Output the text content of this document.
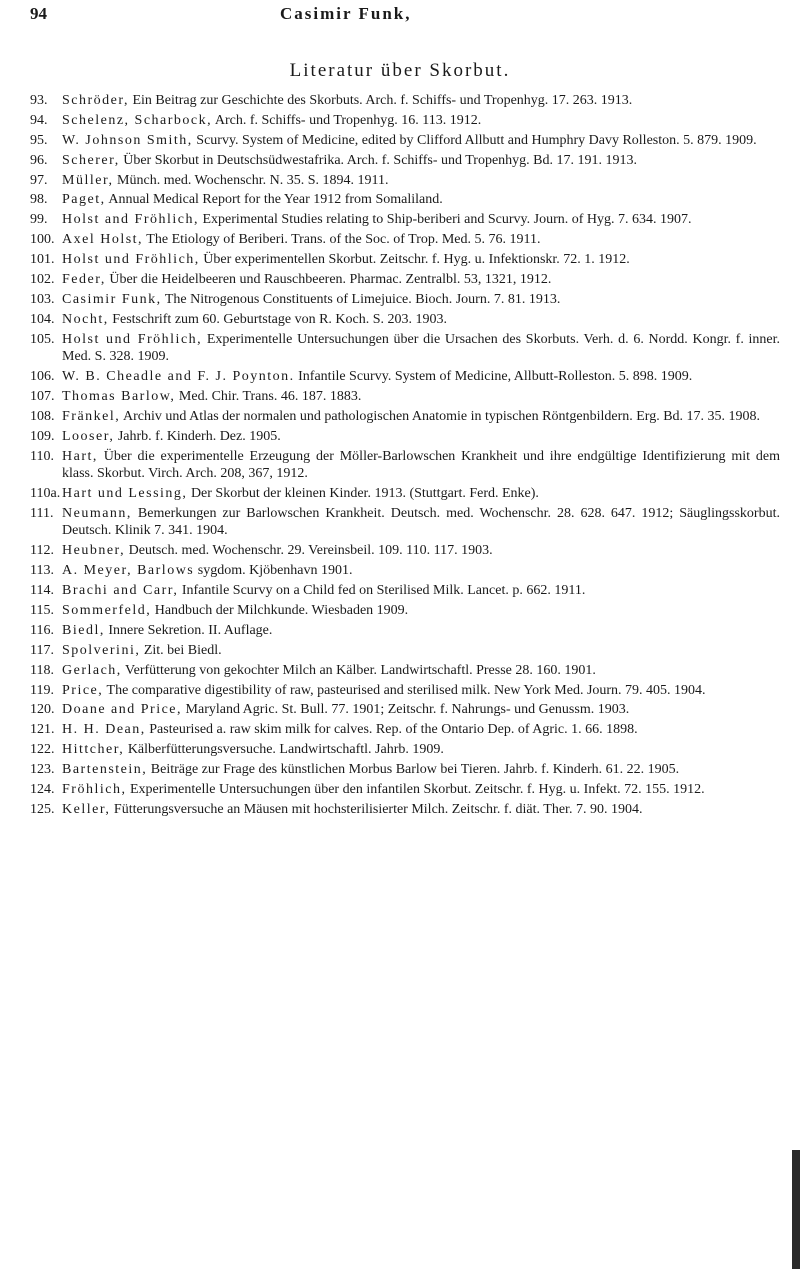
94	Casimir Funk,
Literatur über Skorbut.
93.	Schröder, Ein Beitrag zur Geschichte des Skorbuts. Arch. f. Schiffs- und Tropenhyg. 17. 263. 1913.
94.	Schelenz, Scharbock, Arch. f. Schiffs- und Tropenhyg. 16. 113. 1912.
95.	W. Johnson Smith, Scurvy. System of Medicine, edited by Clifford Allbutt and Humphry Davy Rolleston. 5. 879. 1909.
96.	Scherer, Über Skorbut in Deutschsüdwestafrika. Arch. f. Schiffs- und Tropenhyg. Bd. 17. 191. 1913.
97.	Müller, Münch. med. Wochenschr. N. 35. S. 1894. 1911.
98.	Paget, Annual Medical Report for the Year 1912 from Somaliland.
99.	Holst and Fröhlich, Experimental Studies relating to Ship-beriberi and Scurvy. Journ. of Hyg. 7. 634. 1907.
100. Axel Holst, The Etiology of Beriberi. Trans. of the Soc. of Trop. Med. 5. 76. 1911.
101. Holst und Fröhlich, Über experimentellen Skorbut. Zeitschr. f. Hyg. u. Infektionskr. 72. 1. 1912.
102. Feder, Über die Heidelbeeren und Rauschbeeren. Pharmac. Zentralbl. 53, 1321, 1912.
103. Casimir Funk, The Nitrogenous Constituents of Limejuice. Bioch. Journ. 7. 81. 1913.
104. Nocht, Festschrift zum 60. Geburtstage von R. Koch. S. 203. 1903.
105. Holst und Fröhlich, Experimentelle Untersuchungen über die Ursachen des Skorbuts. Verh. d. 6. Nordd. Kongr. f. inner. Med. S. 328. 1909.
106. W. B. Cheadle and F. J. Poynton. Infantile Scurvy. System of Medicine, Allbutt-Rolleston. 5. 898. 1909.
107. Thomas Barlow, Med. Chir. Trans. 46. 187. 1883.
108. Fränkel, Archiv und Atlas der normalen und pathologischen Anatomie in typischen Röntgenbildern. Erg. Bd. 17. 35. 1908.
109. Looser, Jahrb. f. Kinderh. Dez. 1905.
110. Hart, Über die experimentelle Erzeugung der Möller-Barlowschen Krankheit und ihre endgültige Identifizierung mit dem klass. Skorbut. Virch. Arch. 208, 367, 1912.
110a. Hart und Lessing, Der Skorbut der kleinen Kinder. 1913. (Stuttgart. Ferd. Enke).
111. Neumann, Bemerkungen zur Barlowschen Krankheit. Deutsch. med. Wochenschr. 28. 628. 647. 1912; Säuglingsskorbut. Deutsch. Klinik 7. 341. 1904.
112. Heubner, Deutsch. med. Wochenschr. 29. Vereinsbeil. 109. 110. 117. 1903.
113. A. Meyer, Barlows sygdom. Kjöbenhavn 1901.
114. Brachi and Carr, Infantile Scurvy on a Child fed on Sterilised Milk. Lancet. p. 662. 1911.
115. Sommerfeld, Handbuch der Milchkunde. Wiesbaden 1909.
116. Biedl, Innere Sekretion. II. Auflage.
117. Spolverini, Zit. bei Biedl.
118. Gerlach, Verfütterung von gekochter Milch an Kälber. Landwirtschaftl. Presse 28. 160. 1901.
119. Price, The comparative digestibility of raw, pasteurised and sterilised milk. New York Med. Journ. 79. 405. 1904.
120. Doane and Price, Maryland Agric. St. Bull. 77. 1901; Zeitschr. f. Nahrungs- und Genussm. 1903.
121. H. H. Dean, Pasteurised a. raw skim milk for calves. Rep. of the Ontario Dep. of Agric. 1. 66. 1898.
122. Hittcher, Kälberfütterungsversuche. Landwirtschaftl. Jahrb. 1909.
123. Bartenstein, Beiträge zur Frage des künstlichen Morbus Barlow bei Tieren. Jahrb. f. Kinderh. 61. 22. 1905.
124. Fröhlich, Experimentelle Untersuchungen über den infantilen Skorbut. Zeitschr. f. Hyg. u. Infekt. 72. 155. 1912.
125. Keller, Fütterungsversuche an Mäusen mit hochsterilisierter Milch. Zeitschr. f. diät. Ther. 7. 90. 1904.
